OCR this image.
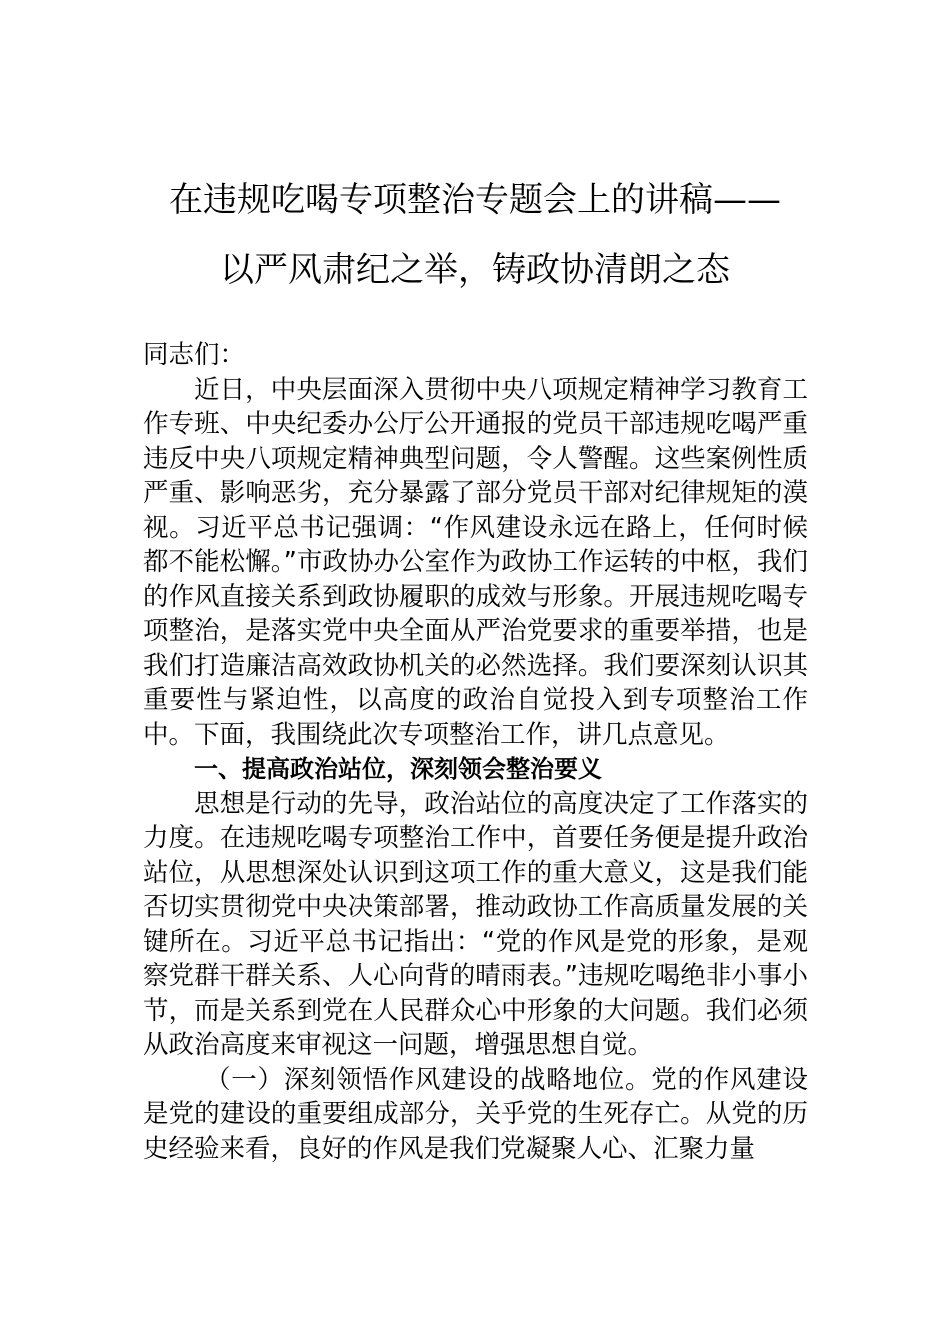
在违规吃喝专项整治专题会上的讲稿——
以严风肃纪之举，铸政协清朗之态

同志们：

近日，中央层面深入贯彻中央八项规定精神学习教育工作专班、中央纪委办公厅公开通报的党员干部违规吃喝严重违反中央八项规定精神典型问题，令人警醒。这些案例性质严重、影响恶劣，充分暴露了部分党员干部对纪律规矩的漠视。习近平总书记强调：“作风建设永远在路上，任何时候都不能松懈。”市政协办公室作为政协工作运转的中枢，我们的作风直接关系到政协履职的成效与形象。开展违规吃喝专项整治，是落实党中央全面从严治党要求的重要举措，也是我们打造廉洁高效政协机关的必然选择。我们要深刻认识其重要性与紧迫性，以高度的政治自觉投入到专项整治工作中。下面，我围绕此次专项整治工作，讲几点意见。

一、提高政治站位，深刻领会整治要义

思想是行动的先导，政治站位的高度决定了工作落实的力度。在违规吃喝专项整治工作中，首要任务便是提升政治站位，从思想深处认识到这项工作的重大意义，这是我们能否切实贯彻党中央决策部署，推动政协工作高质量发展的关键所在。习近平总书记指出：“党的作风是党的形象，是观察党群干群关系、人心向背的晴雨表。”违规吃喝绝非小事小节，而是关系到党在人民群众心中形象的大问题。我们必须从政治高度来审视这一问题，增强思想自觉。

（一）深刻领悟作风建设的战略地位。党的作风建设是党的建设的重要组成部分，关乎党的生死存亡。从党的历史经验来看，良好的作风是我们党凝聚人心、汇聚力量
